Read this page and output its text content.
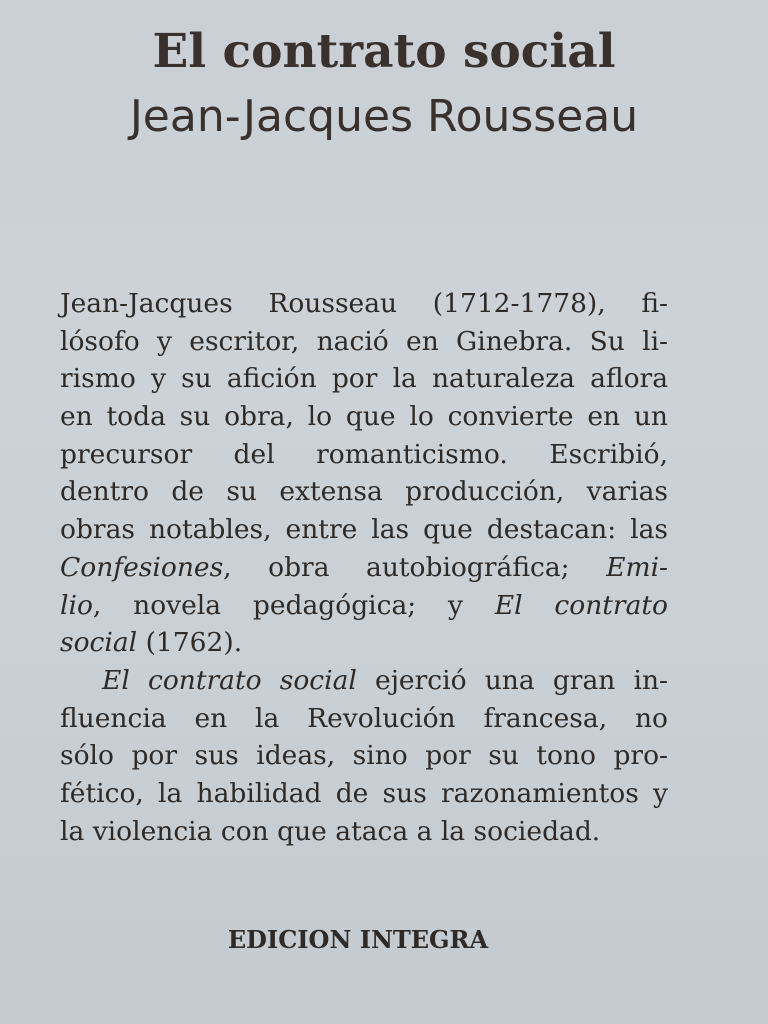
El contrato social
Jean-Jacques Rousseau
Jean-Jacques Rousseau (1712-1778), fi-
lósofo y escritor, nació en Ginebra. Su li-
rismo y su afición por la naturaleza aflora
en toda su obra, lo que lo convierte en un
precursor del romanticismo. Escribió,
dentro de su extensa producción, varias
obras notables, entre las que destacan: las
Confesiones, obra autobiográfica; Emi-
lio, novela pedagógica; y El contrato
social (1762).
El contrato social ejerció una gran in-
fluencia en la Revolución francesa, no
sólo por sus ideas, sino por su tono pro-
fético, la habilidad de sus razonamientos y
la violencia con que ataca a la sociedad.
EDICION INTEGRA
